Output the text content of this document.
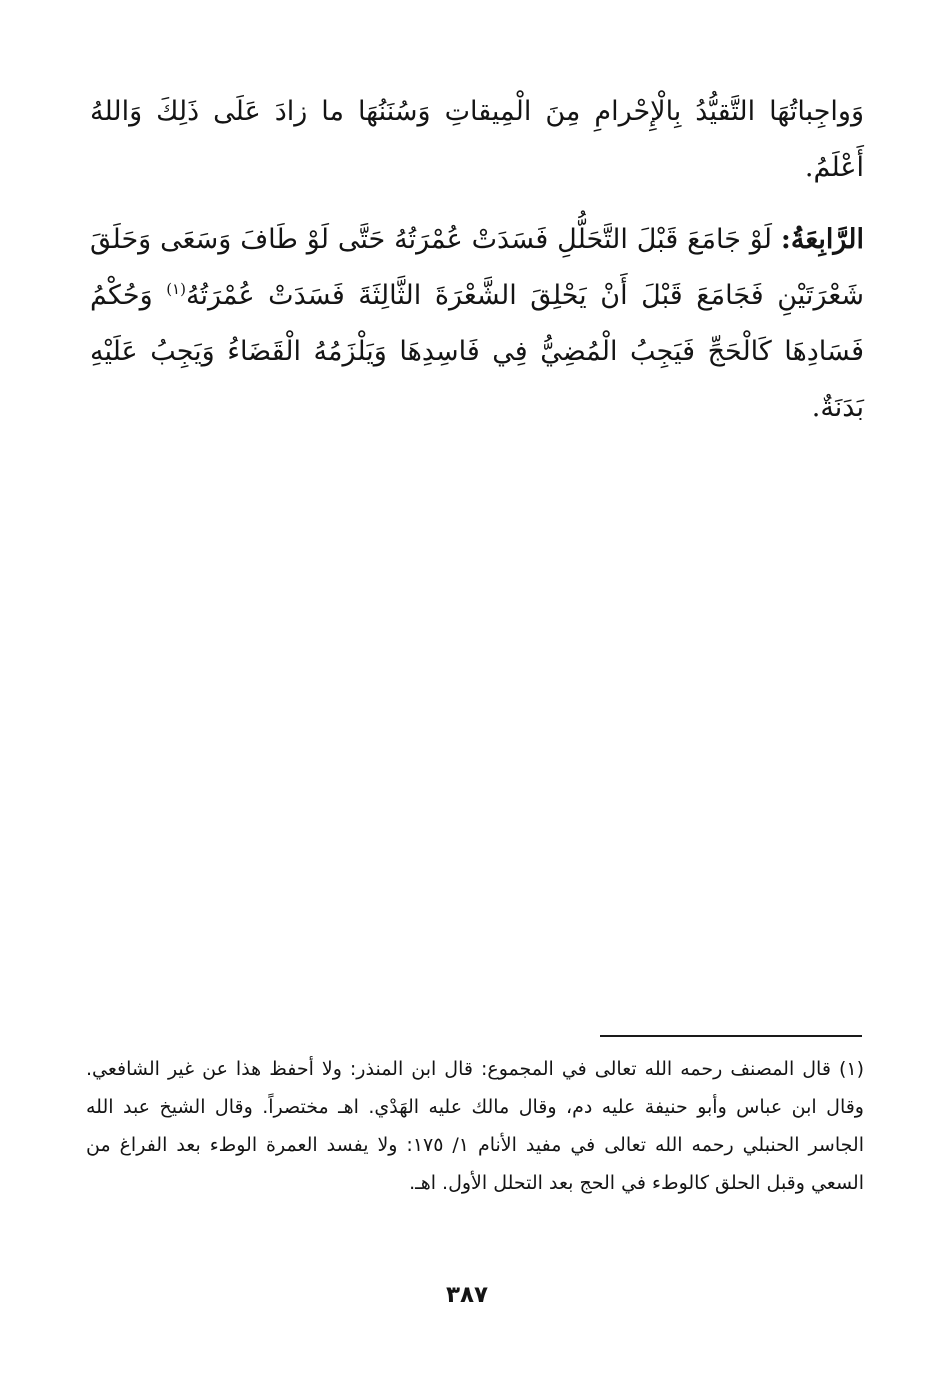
وَواجِباتُهَا التَّقيُّدُ بِالْإِحْرامِ مِنَ الْمِيقاتِ وَسُنَنُهَا ما زادَ عَلَى ذَلِكَ وَاللهُ أَعْلَمُ.

الرَّابِعَةُ: لَوْ جَامَعَ قَبْلَ التَّحَلُّلِ فَسَدَتْ عُمْرَتُهُ حَتَّى لَوْ طَافَ وَسَعَى وَحَلَقَ شَعْرَتَيْنِ فَجَامَعَ قَبْلَ أَنْ يَحْلِقَ الشَّعْرَةَ الثَّالِثَةَ فَسَدَتْ عُمْرَتُهُ$^{(١)}$ وَحُكْمُ فَسَادِهَا كَالْحَجِّ فَيَجِبُ الْمُضِيُّ فِي فَاسِدِهَا وَيَلْزَمُهُ الْقَضَاءُ وَيَجِبُ عَلَيْهِ بَدَنَةٌ.

(١) قال المصنف رحمه الله تعالى في المجموع: قال ابن المنذر: ولا أحفظ هذا عن غير الشافعي. وقال ابن عباس وأبو حنيفة عليه دم، وقال مالك عليه الهَدْي. اهـ مختصراً. وقال الشيخ عبد الله الجاسر الحنبلي رحمه الله تعالى في مفيد الأنام ١/ ١٧٥: ولا يفسد العمرة الوطء بعد الفراغ من السعي وقبل الحلق كالوطء في الحج بعد التحلل الأول. اهـ.

٣٨٧
